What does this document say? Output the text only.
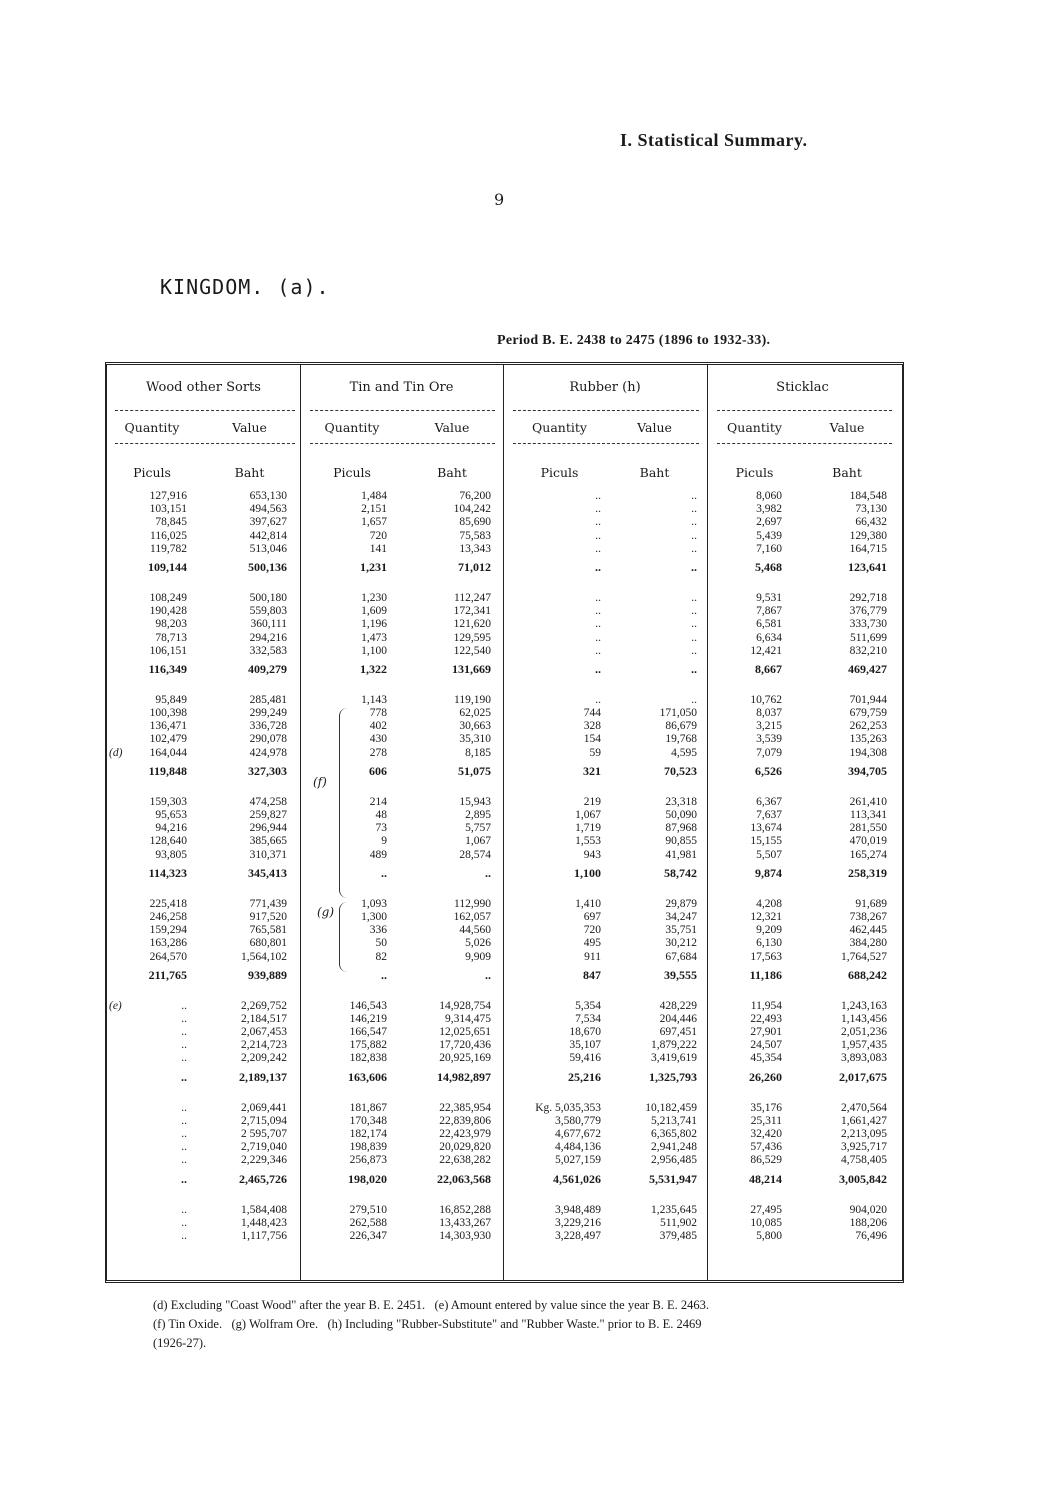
I. Statistical Summary.
9
KINGDOM. (a).
Period B. E. 2438 to 2475 (1896 to 1932-33).
Wood other Sorts	Tin and Tin Ore	Rubber (h)	Sticklac
Quantity	Value	Quantity	Value	Quantity	Value	Quantity	Value
Piculs	Baht	Piculs	Baht	Piculs	Baht	Piculs	Baht
127,916	653,130	1,484	76,200	..	..	8,060	184,548
103,151	494,563	2,151	104,242	..	..	3,982	73,130
78,845	397,627	1,657	85,690	..	..	2,697	66,432
116,025	442,814	720	75,583	..	..	5,439	129,380
119,782	513,046	141	13,343	..	..	7,160	164,715
109,144	500,136	1,231	71,012	..	..	5,468	123,641
108,249	500,180	1,230	112,247	..	..	9,531	292,718
190,428	559,803	1,609	172,341	..	..	7,867	376,779
98,203	360,111	1,196	121,620	..	..	6,581	333,730
78,713	294,216	1,473	129,595	..	..	6,634	511,699
106,151	332,583	1,100	122,540	..	..	12,421	832,210
116,349	409,279	1,322	131,669	..	..	8,667	469,427
95,849	285,481	1,143	119,190	..	..	10,762	701,944
100,398	299,249	778	62,025	744	171,050	8,037	679,759
136,471	336,728	402	30,663	328	86,679	3,215	262,253
102,479	290,078	430	35,310	154	19,768	3,539	135,263
(d)	164,044	424,978	278	8,185	59	4,595	7,079	194,308
119,848	327,303	606	51,075	321	70,523	6,526	394,705
159,303	474,258	214	15,943	219	23,318	6,367	261,410
95,653	259,827	48	2,895	1,067	50,090	7,637	113,341
94,216	296,944	73	5,757	1,719	87,968	13,674	281,550
128,640	385,665	9	1,067	1,553	90,855	15,155	470,019
93,805	310,371	489	28,574	943	41,981	5,507	165,274
114,323	345,413	..	..	1,100	58,742	9,874	258,319
225,418	771,439	1,093	112,990	1,410	29,879	4,208	91,689
246,258	917,520	1,300	162,057	697	34,247	12,321	738,267
159,294	765,581	336	44,560	720	35,751	9,209	462,445
163,286	680,801	50	5,026	495	30,212	6,130	384,280
264,570	1,564,102	82	9,909	911	67,684	17,563	1,764,527
211,765	939,889	..	..	847	39,555	11,186	688,242
(e)	..	2,269,752	146,543	14,928,754	5,354	428,229	11,954	1,243,163
..	2,184,517	146,219	9,314,475	7,534	204,446	22,493	1,143,456
..	2,067,453	166,547	12,025,651	18,670	697,451	27,901	2,051,236
..	2,214,723	175,882	17,720,436	35,107	1,879,222	24,507	1,957,435
..	2,209,242	182,838	20,925,169	59,416	3,419,619	45,354	3,893,083
..	2,189,137	163,606	14,982,897	25,216	1,325,793	26,260	2,017,675
..	2,069,441	181,867	22,385,954	Kg. 5,035,353	10,182,459	35,176	2,470,564
..	2,715,094	170,348	22,839,806	3,580,779	5,213,741	25,311	1,661,427
..	2 595,707	182,174	22,423,979	4,677,672	6,365,802	32,420	2,213,095
..	2,719,040	198,839	20,029,820	4,484,136	2,941,248	57,436	3,925,717
..	2,229,346	256,873	22,638,282	5,027,159	2,956,485	86,529	4,758,405
..	2,465,726	198,020	22,063,568	4,561,026	5,531,947	48,214	3,005,842
..	1,584,408	279,510	16,852,288	3,948,489	1,235,645	27,495	904,020
..	1,448,423	262,588	13,433,267	3,229,216	511,902	10,085	188,206
..	1,117,756	226,347	14,303,930	3,228,497	379,485	5,800	76,496
(f)
(g)
(d) Excluding "Coast Wood" after the year B. E. 2451. (e) Amount entered by value since the year B. E. 2463.
(f) Tin Oxide. (g) Wolfram Ore. (h) Including "Rubber-Substitute" and "Rubber Waste." prior to B. E. 2469
(1926-27).
